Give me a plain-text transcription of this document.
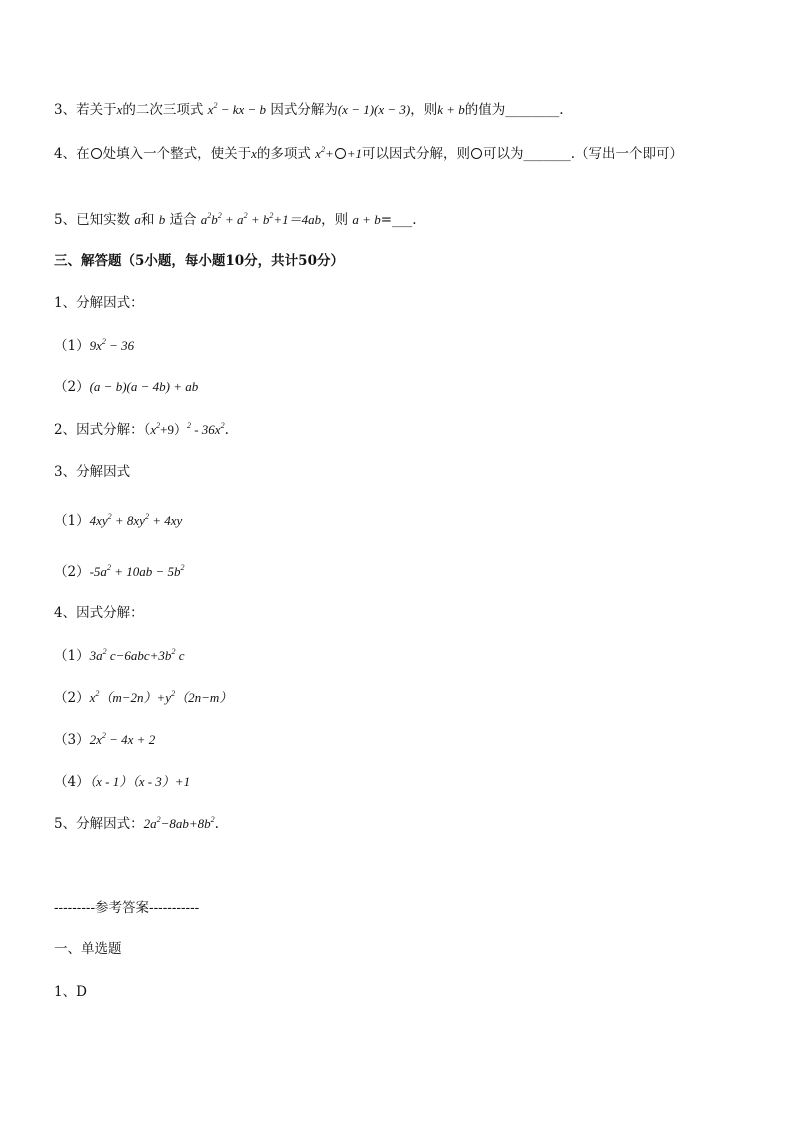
3、若关于x的二次三项式 $x^2$ − kx − b 因式分解为(x − 1)(x − 3)，则k + b的值为________.
4、在 处填入一个整式，使关于x的多项式 $x^2+ +1$可以因式分解，则 可以为_______.（写出一个即可）
5、已知实数 a和 b 适合 $a^2b^2 + a^2 + b^2+1=4ab$，则 a + b=___.
三、解答题（5小题，每小题10分，共计50分）
1、分解因式：
$(1)9x^2 - 36$
（2）(a − b)(a − 4b) + ab
2、因式分解：$(x^2+9)^2 - 36x^2$.
3、分解因式
$(1)4xy^2 + 8xy^2 + 4xy$
$(2)-5a^2 + 10ab - 5b^2$
4、因式分解：
$(1)3a^2$ $c-6abc+3b^2$ c
$(2)x^2(m-2n)+y^2(2n-m)$
$(3)2x^2 - 4x + 2$
（4）（x - 1）（x - 3）+1
5、分解因式：$2a^2-8ab+8b^2$.
---------参考答案-----------
一、单选题
1、D
